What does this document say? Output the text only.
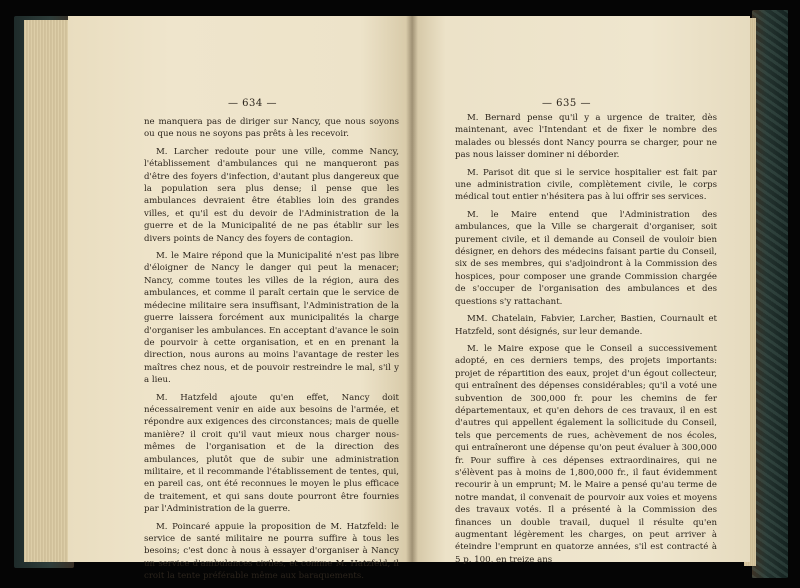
— 634 —

ne manquera pas de diriger sur Nancy, que nous soyons ou que nous ne soyons pas prêts à les recevoir.

M. Larcher redoute pour une ville, comme Nancy, l'établissement d'ambulances qui ne manqueront pas d'être des foyers d'infection, d'autant plus dangereux que la population sera plus dense; il pense que les ambulances devraient être établies loin des grandes villes, et qu'il est du devoir de l'Administration de la guerre et de la Municipalité de ne pas établir sur les divers points de Nancy des foyers de contagion.

M. le Maire répond que la Municipalité n'est pas libre d'éloigner de Nancy le danger qui peut la menacer; Nancy, comme toutes les villes de la région, aura des ambulances, et comme il paraît certain que le service de médecine militaire sera insuffisant, l'Administration de la guerre laissera forcément aux municipalités la charge d'organiser les ambulances. En acceptant d'avance le soin de pourvoir à cette organisation, et en en prenant la direction, nous aurons au moins l'avantage de rester les maîtres chez nous, et de pouvoir restreindre le mal, s'il y a lieu.

M. Hatzfeld ajoute qu'en effet, Nancy doit nécessairement venir en aide aux besoins de l'armée, et répondre aux exigences des circonstances; mais de quelle manière? il croit qu'il vaut mieux nous charger nous-mêmes de l'organisation et de la direction des ambulances, plutôt que de subir une administration militaire, et il recommande l'établissement de tentes, qui, en pareil cas, ont été reconnues le moyen le plus efficace de traitement, et qui sans doute pourront être fournies par l'Administration de la guerre.

M. Poincaré appuie la proposition de M. Hatzfeld: le service de santé militaire ne pourra suffire à tous les besoins; c'est donc à nous à essayer d'organiser à Nancy un service d'ambulances civiles, et comme M. Hatzfeld, il croit la tente préférable même aux baraquements.

— 635 —

M. Bernard pense qu'il y a urgence de traiter, dès maintenant, avec l'Intendant et de fixer le nombre des malades ou blessés dont Nancy pourra se charger, pour ne pas nous laisser dominer ni déborder.

M. Parisot dit que si le service hospitalier est fait par une administration civile, complètement civile, le corps médical tout entier n'hésitera pas à lui offrir ses services.

M. le Maire entend que l'Administration des ambulances, que la Ville se chargerait d'organiser, soit purement civile, et il demande au Conseil de vouloir bien désigner, en dehors des médecins faisant partie du Conseil, six de ses membres, qui s'adjoindront à la Commission des hospices, pour composer une grande Commission chargée de s'occuper de l'organisation des ambulances et des questions s'y rattachant.

MM. Chatelain, Fabvier, Larcher, Bastien, Cournault et Hatzfeld, sont désignés, sur leur demande.

M. le Maire expose que le Conseil a successivement adopté, en ces derniers temps, des projets importants: projet de répartition des eaux, projet d'un égout collecteur, qui entraînent des dépenses considérables; qu'il a voté une subvention de 300,000 fr. pour les chemins de fer départementaux, et qu'en dehors de ces travaux, il en est d'autres qui appellent également la sollicitude du Conseil, tels que percements de rues, achèvement de nos écoles, qui entraîneront une dépense qu'on peut évaluer à 300,000 fr. Pour suffire à ces dépenses extraordinaires, qui ne s'élèvent pas à moins de 1,800,000 fr., il faut évidemment recourir à un emprunt; M. le Maire a pensé qu'au terme de notre mandat, il convenait de pourvoir aux voies et moyens des travaux votés. Il a présenté à la Commission des finances un double travail, duquel il résulte qu'en augmentant légèrement les charges, on peut arriver à éteindre l'emprunt en quatorze années, s'il est contracté à 5 p. 100, en treize ans
